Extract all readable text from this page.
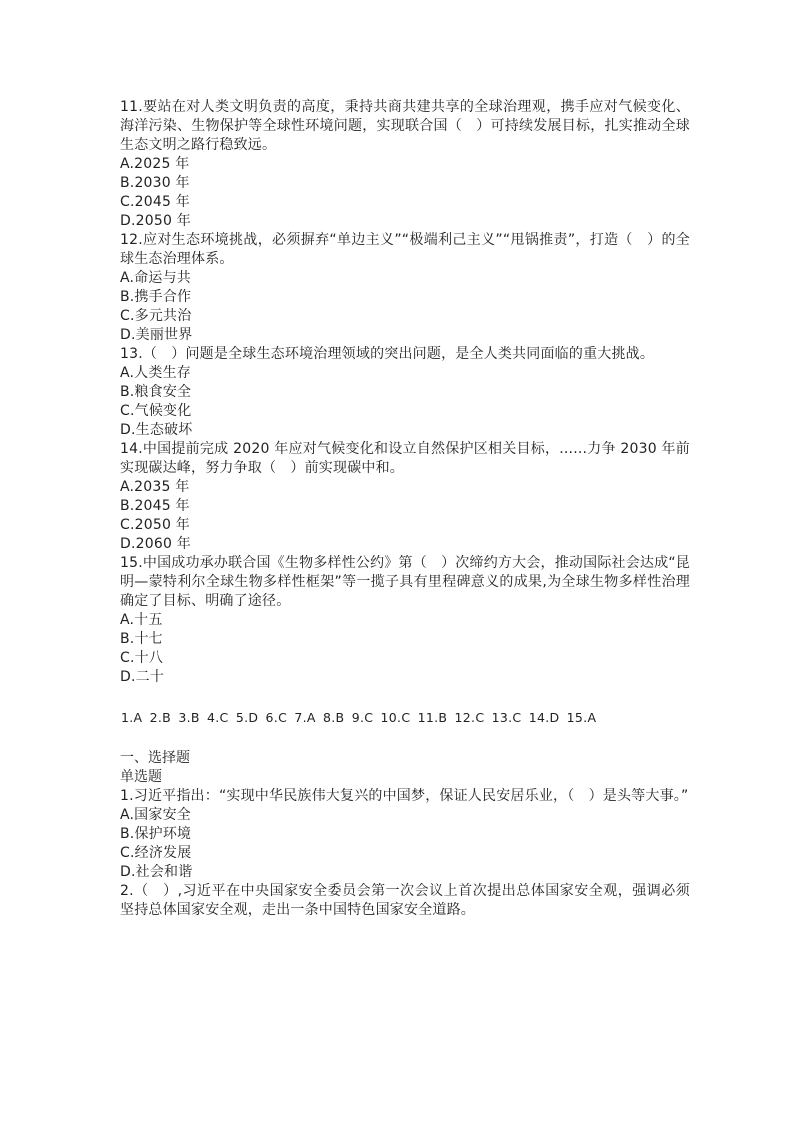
11.要站在对人类文明负责的高度，秉持共商共建共享的全球治理观，携手应对气候变化、海洋污染、生物保护等全球性环境问题，实现联合国（　）可持续发展目标，扎实推动全球生态文明之路行稳致远。

A.2025 年

B.2030 年

C.2045 年

D.2050 年

12.应对生态环境挑战，必须摒弃“单边主义”“极端利己主义”“甩锅推责”，打造（　）的全球生态治理体系。

A.命运与共

B.携手合作

C.多元共治

D.美丽世界

13.（　）问题是全球生态环境治理领域的突出问题，是全人类共同面临的重大挑战。

A.人类生存

B.粮食安全

C.气候变化

D.生态破坏

14.中国提前完成 2020 年应对气候变化和设立自然保护区相关目标，......力争 2030 年前实现碳达峰，努力争取（　）前实现碳中和。

A.2035 年

B.2045 年

C.2050 年

D.2060 年

15.中国成功承办联合国《生物多样性公约》第（　）次缔约方大会，推动国际社会达成“昆明—蒙特利尔全球生物多样性框架”等一揽子具有里程碑意义的成果,为全球生物多样性治理确定了目标、明确了途径。

A.十五

B.十七

C.十八

D.二十

1.A 2.B 3.B 4.C 5.D 6.C 7.A 8.B 9.C 10.C 11.B 12.C 13.C 14.D 15.A

一、选择题

单选题

1.习近平指出：“实现中华民族伟大复兴的中国梦，保证人民安居乐业，（　）是头等大事。”

A.国家安全

B.保护环境

C.经济发展

D.社会和谐

2.（　）,习近平在中央国家安全委员会第一次会议上首次提出总体国家安全观，强调必须坚持总体国家安全观，走出一条中国特色国家安全道路。
